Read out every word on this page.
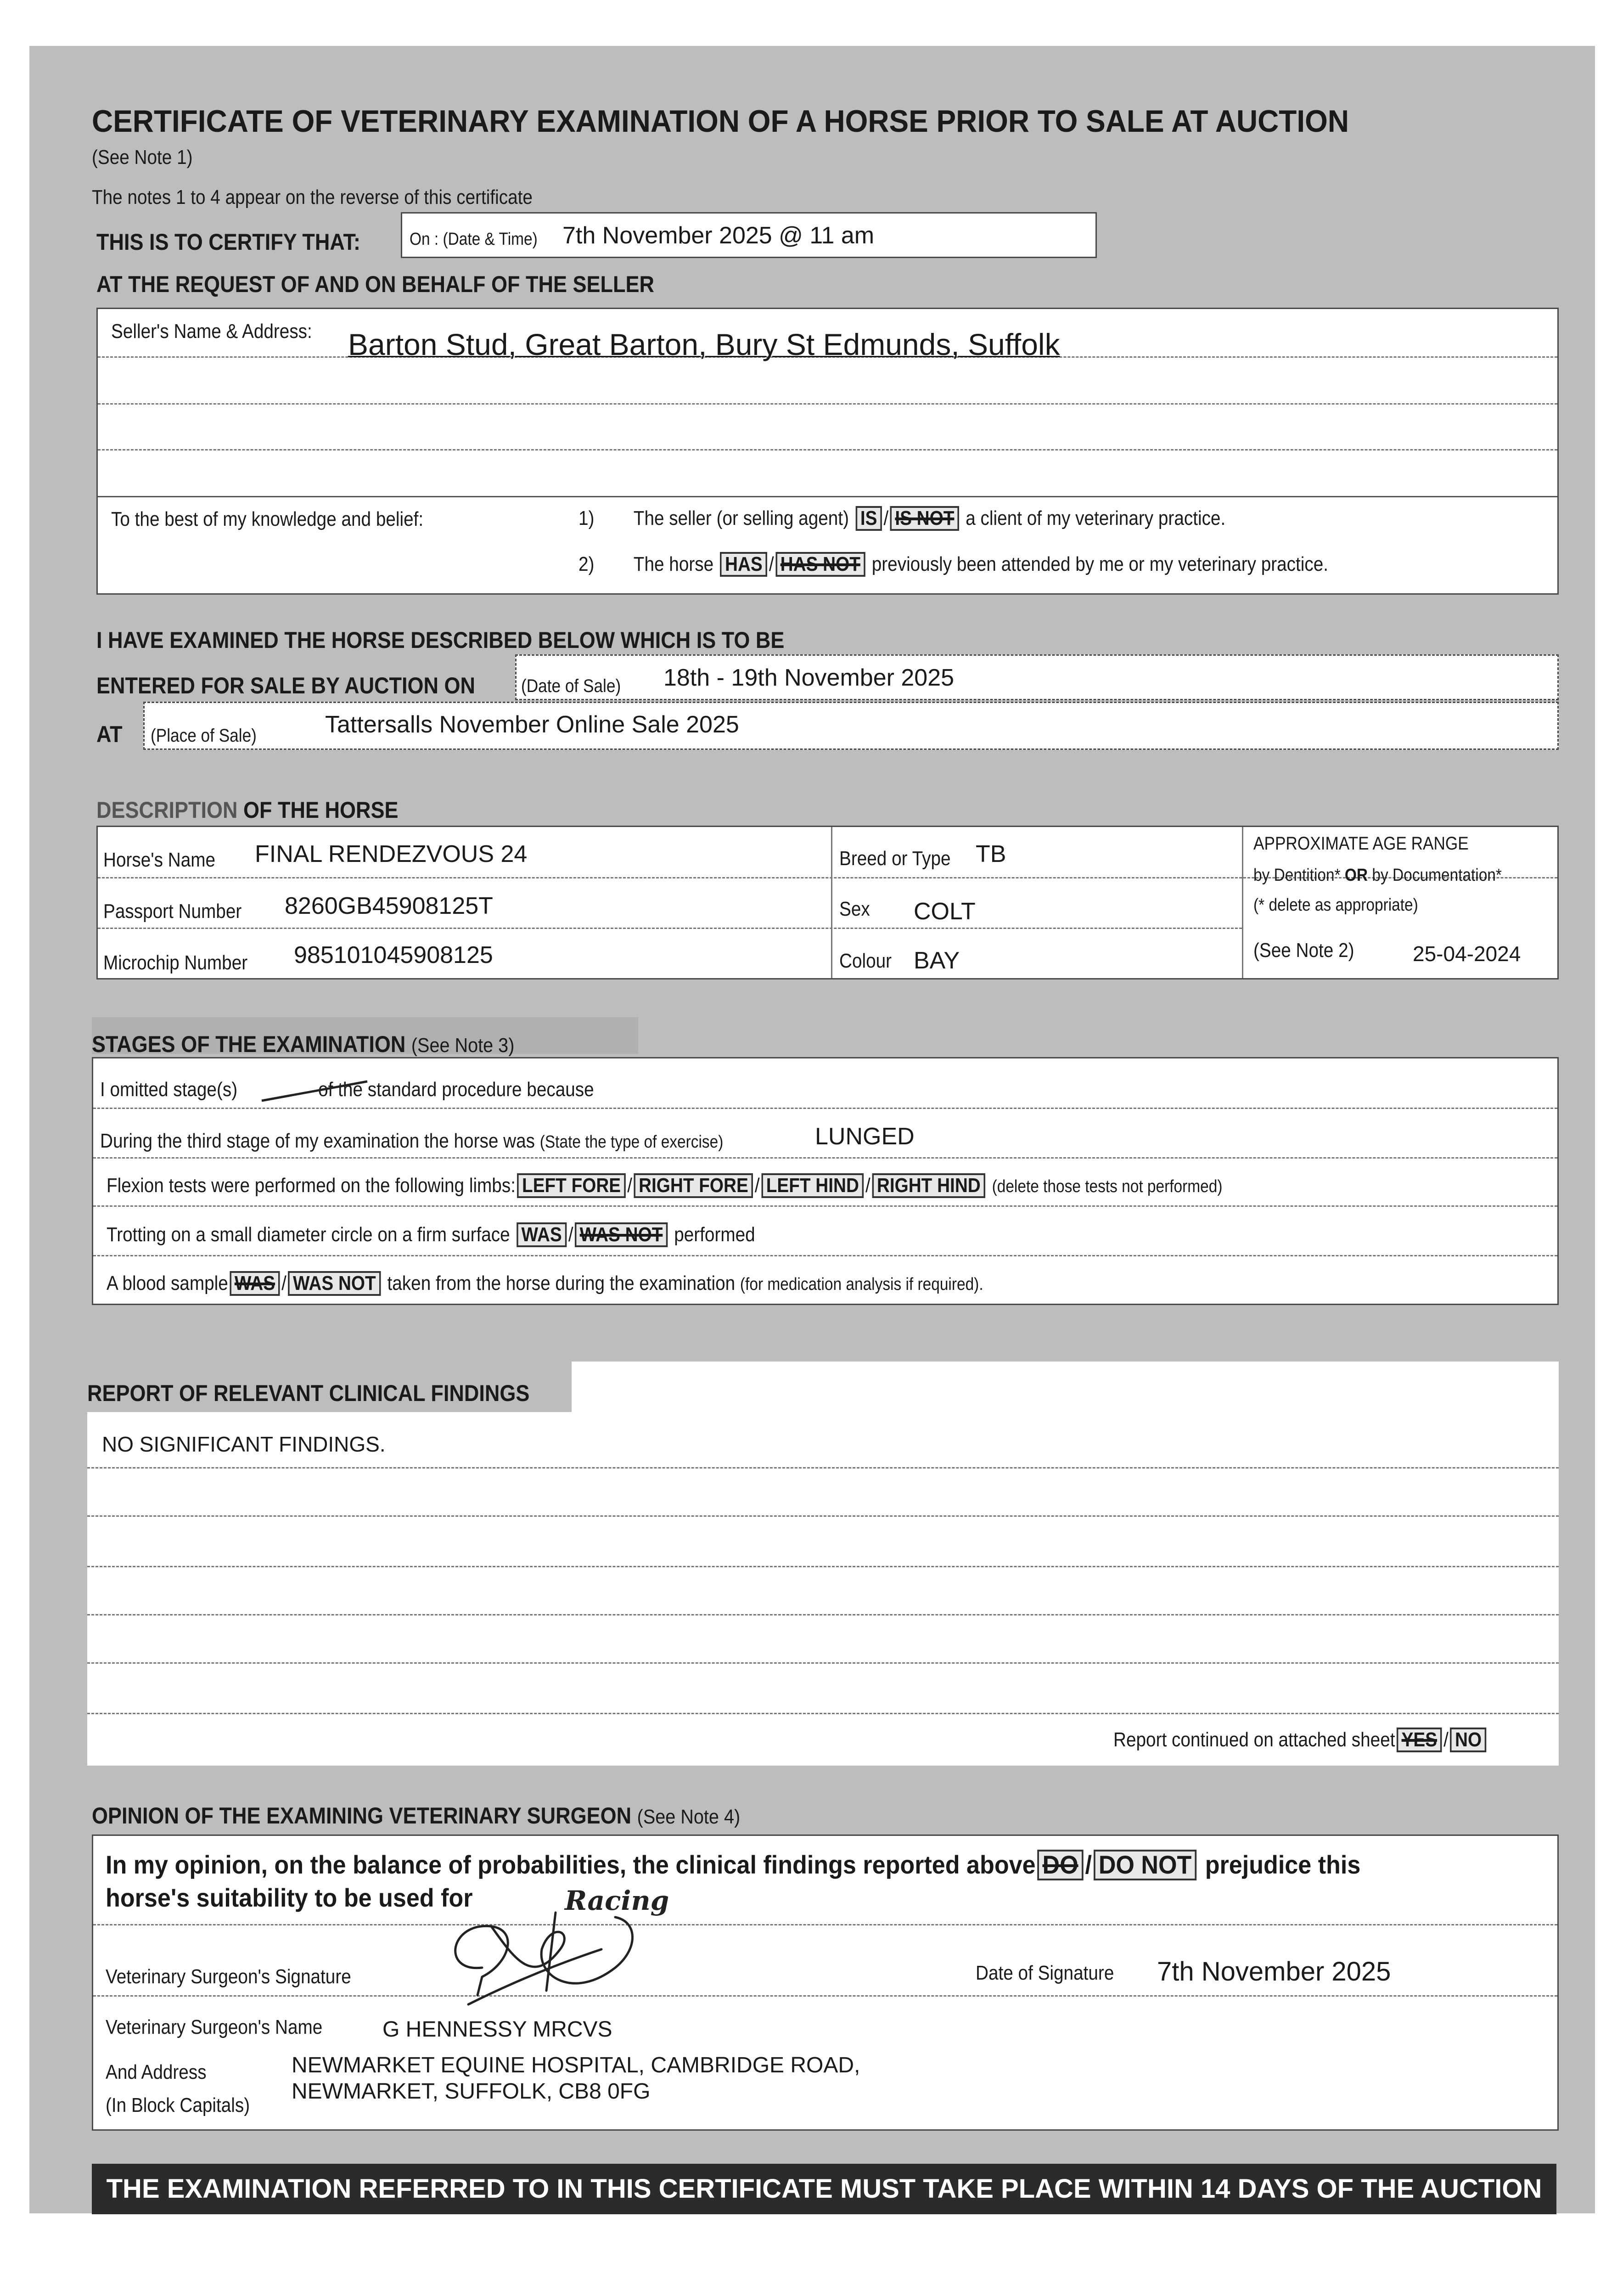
CERTIFICATE OF VETERINARY EXAMINATION OF A HORSE PRIOR TO SALE AT AUCTION
(See Note 1)
The notes 1 to 4 appear on the reverse of this certificate
THIS IS TO CERTIFY THAT:	On : (Date & Time) 7th November 2025 @ 11 am
AT THE REQUEST OF AND ON BEHALF OF THE SELLER
Seller's Name & Address: Barton Stud, Great Barton, Bury St Edmunds, Suffolk
To the best of my knowledge and belief:	1) The seller (or selling agent) IS / IS NOT a client of my veterinary practice.
2) The horse HAS / HAS NOT previously been attended by me or my veterinary practice.
I HAVE EXAMINED THE HORSE DESCRIBED BELOW WHICH IS TO BE
ENTERED FOR SALE BY AUCTION ON (Date of Sale) 18th - 19th November 2025
AT (Place of Sale)	Tattersalls November Online Sale 2025
DESCRIPTION OF THE HORSE
Horse's Name FINAL RENDEZVOUS 24
Passport Number 8260GB45908125T
Microchip Number 985101045908125
Breed or Type TB
Sex COLT
Colour BAY
APPROXIMATE AGE RANGE
by Dentition* OR by Documentation*
(* delete as appropriate)
(See Note 2)	25-04-2024
STAGES OF THE EXAMINATION (See Note 3)
I omitted stage(s)	of the standard procedure because
During the third stage of my examination the horse was (State the type of exercise)	LUNGED
Flexion tests were performed on the following limbs: LEFT FORE / RIGHT FORE / LEFT HIND / RIGHT HIND (delete those tests not performed)
Trotting on a small diameter circle on a firm surface WAS / WAS NOT performed
A blood sample WAS / WAS NOT taken from the horse during the examination (for medication analysis if required).
REPORT OF RELEVANT CLINICAL FINDINGS
NO SIGNIFICANT FINDINGS.
Report continued on attached sheet YES / NO
OPINION OF THE EXAMINING VETERINARY SURGEON (See Note 4)
In my opinion, on the balance of probabilities, the clinical findings reported above DO / DO NOT prejudice this
horse's suitability to be used for	Racing
Veterinary Surgeon's Signature	Date of Signature 7th November 2025
Veterinary Surgeon's Name	G HENNESSY MRCVS
And Address
(In Block Capitals)
NEWMARKET EQUINE HOSPITAL, CAMBRIDGE ROAD,
NEWMARKET, SUFFOLK, CB8 0FG
THE EXAMINATION REFERRED TO IN THIS CERTIFICATE MUST TAKE PLACE WITHIN 14 DAYS OF THE AUCTION
